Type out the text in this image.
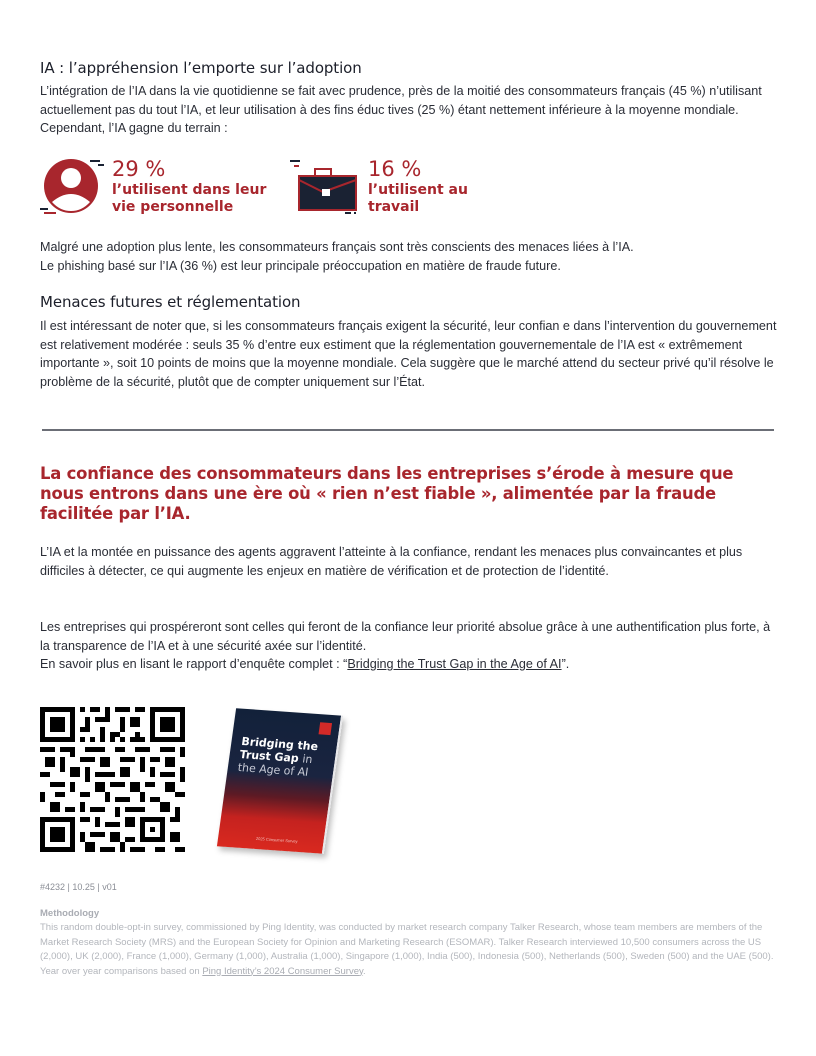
IA : l’appréhension l’emporte sur l’adoption

L’intégration de l’IA dans la vie quotidienne se fait avec prudence, près de la moitié des consommateurs français (45 %) n’utilisant actuellement pas du tout l’IA, et leur utilisation à des fins éduc tives (25 %) étant nettement inférieure à la moyenne mondiale. Cependant, l’IA gagne du terrain :

29 %
l’utilisent dans leur
vie personnelle
16 %
l’utilisent au
travail

Malgré une adoption plus lente, les consommateurs français sont très conscients des menaces liées à l’IA.

Le phishing basé sur l’IA (36 %) est leur principale préoccupation en matière de fraude future.

Menaces futures et réglementation

Il est intéressant de noter que, si les consommateurs français exigent la sécurité, leur confian e dans l’intervention du gouvernement est relativement modérée : seuls 35 % d’entre eux estiment que la réglementation gouvernementale de l’IA est « extrêmement importante », soit 10 points de moins que la moyenne mondiale. Cela suggère que le marché attend du secteur privé qu’il résolve le problème de la sécurité, plutôt que de compter uniquement sur l’État.

La confiance des consommateurs dans les entreprises s’érode à mesure que nous entrons dans une ère où « rien n’est fiable », alimentée par la fraude facilitée par l’IA.

L’IA et la montée en puissance des agents aggravent l’atteinte à la confiance, rendant les menaces plus convaincantes et plus difficiles à détecter, ce qui augmente les enjeux en matière de vérification et de protection de l’identité.

Les entreprises qui prospéreront sont celles qui feront de la confiance leur priorité absolue grâce à une authentification plus forte, à la transparence de l’IA et à une sécurité axée sur l’identité.

En savoir plus en lisant le rapport d’enquête complet : “Bridging the Trust Gap in the Age of AI”.

Bridging the Trust Gap in
the Age of AI
2025 Consumer Survey
#4232 | 10.25 | v01
Methodology

This random double-opt-in survey, commissioned by Ping Identity, was conducted by market research company Talker Research, whose team members are members of the Market Research Society (MRS) and the European Society for Opinion and Marketing Research (ESOMAR). Talker Research interviewed 10,500 consumers across the US (2,000), UK (2,000), France (1,000), Germany (1,000), Australia (1,000), Singapore (1,000), India (500), Indonesia (500), Netherlands (500), Sweden (500) and the UAE (500). Year over year comparisons based on Ping Identity’s 2024 Consumer Survey.
